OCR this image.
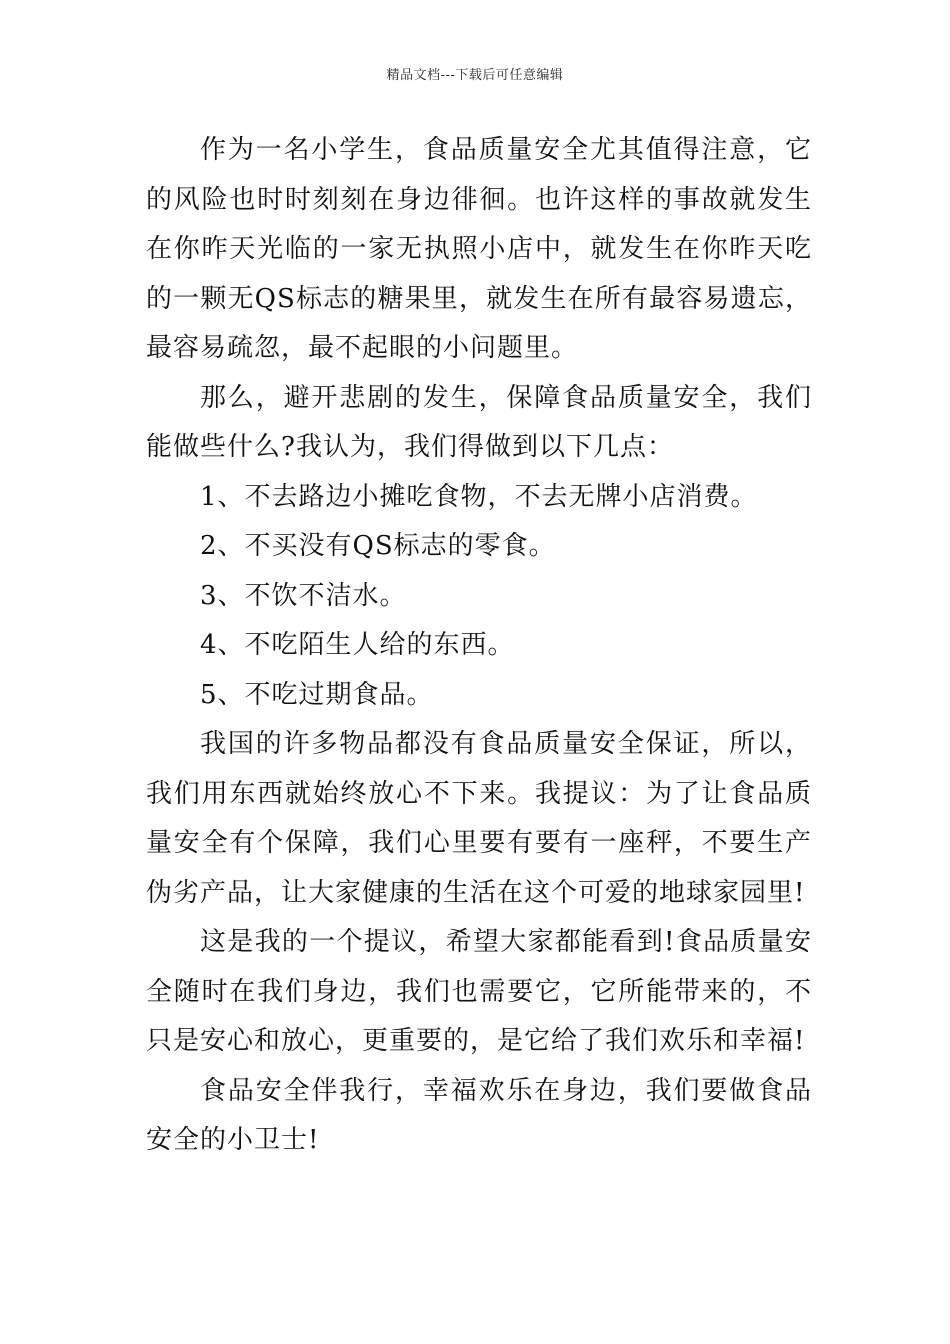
精品文档---下载后可任意编辑

作为一名小学生，食品质量安全尤其值得注意，它的风险也时时刻刻在身边徘徊。也许这样的事故就发生在你昨天光临的一家无执照小店中，就发生在你昨天吃的一颗无QS标志的糖果里，就发生在所有最容易遗忘，最容易疏忽，最不起眼的小问题里。

那么，避开悲剧的发生，保障食品质量安全，我们能做些什么?我认为，我们得做到以下几点：

1、不去路边小摊吃食物，不去无牌小店消费。

2、不买没有QS标志的零食。

3、不饮不洁水。

4、不吃陌生人给的东西。

5、不吃过期食品。

我国的许多物品都没有食品质量安全保证，所以，我们用东西就始终放心不下来。我提议：为了让食品质量安全有个保障，我们心里要有要有一座秤，不要生产伪劣产品，让大家健康的生活在这个可爱的地球家园里!

这是我的一个提议，希望大家都能看到!食品质量安全随时在我们身边，我们也需要它，它所能带来的，不只是安心和放心，更重要的，是它给了我们欢乐和幸福!

食品安全伴我行，幸福欢乐在身边，我们要做食品安全的小卫士!
